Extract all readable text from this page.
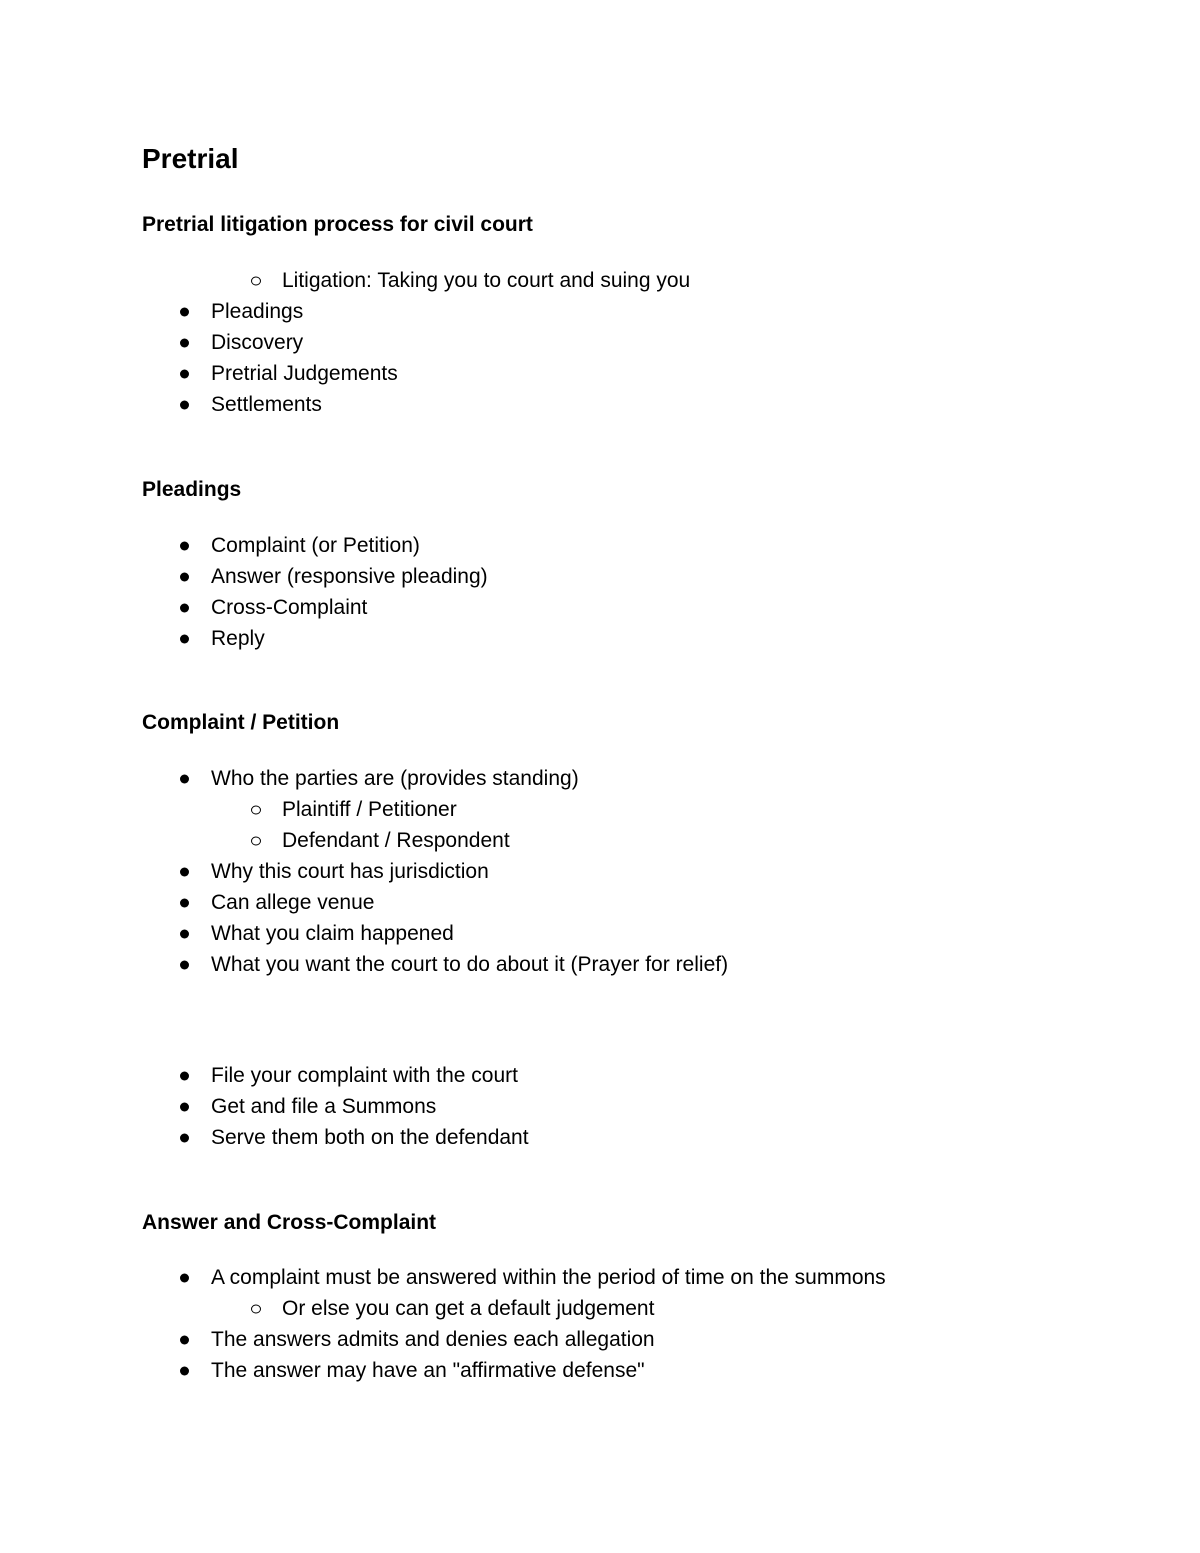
Pretrial
Pretrial litigation process for civil court
Litigation: Taking you to court and suing you
Pleadings
Discovery
Pretrial Judgements
Settlements
Pleadings
Complaint (or Petition)
Answer (responsive pleading)
Cross-Complaint
Reply
Complaint / Petition
Who the parties are (provides standing)
Plaintiff / Petitioner
Defendant / Respondent
Why this court has jurisdiction
Can allege venue
What you claim happened
What you want the court to do about it (Prayer for relief)
File your complaint with the court
Get and file a Summons
Serve them both on the defendant
Answer and Cross-Complaint
A complaint must be answered within the period of time on the summons
Or else you can get a default judgement
The answers admits and denies each allegation
The answer may have an "affirmative defense"
